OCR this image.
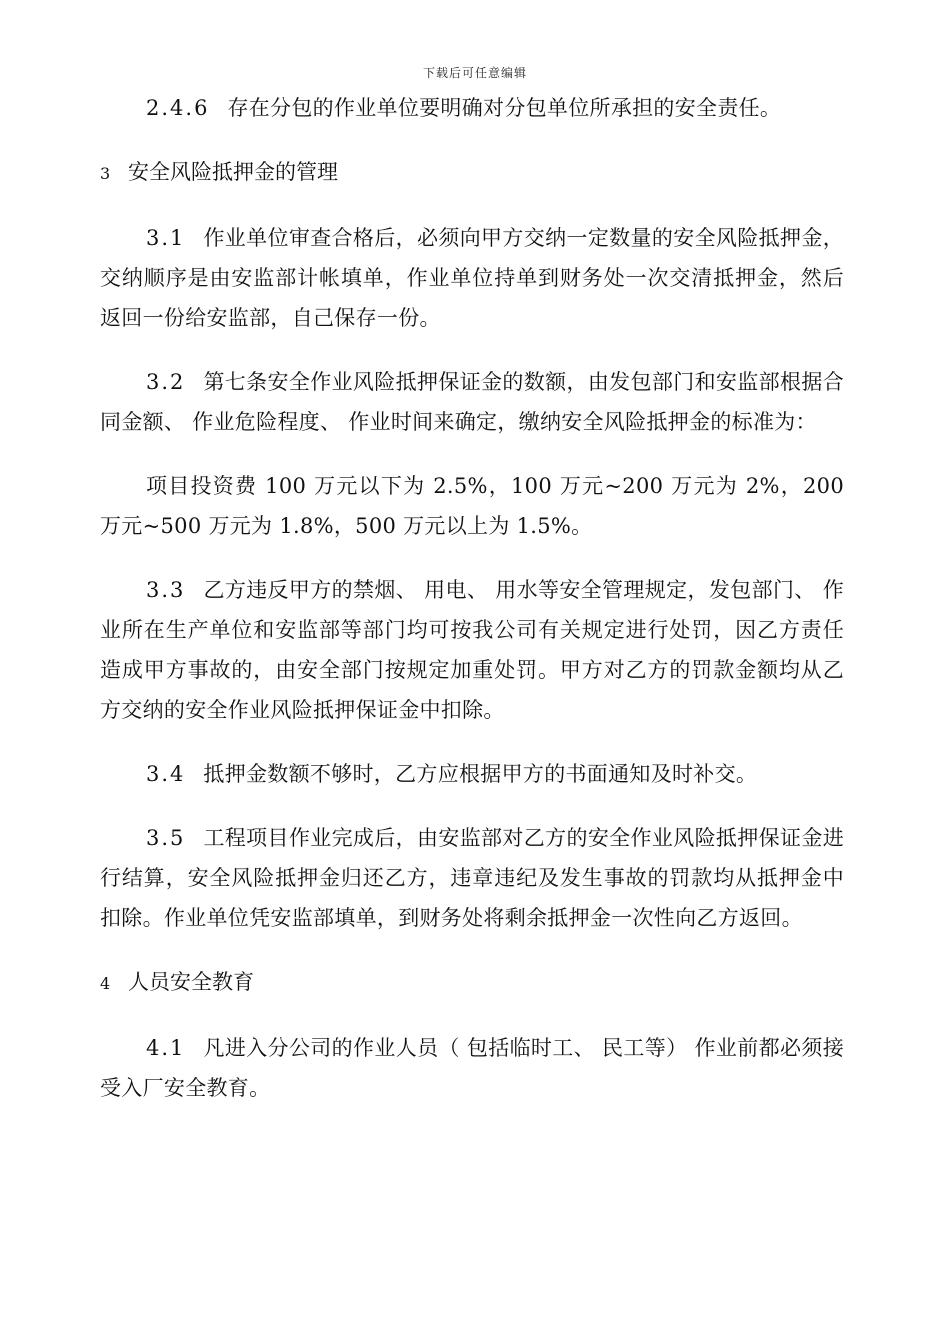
下载后可任意编辑

2.4.6 存在分包的作业单位要明确对分包单位所承担的安全责任。

3 安全风险抵押金的管理

3.1 作业单位审查合格后，必须向甲方交纳一定数量的安全风险抵押金，交纳顺序是由安监部计帐填单，作业单位持单到财务处一次交清抵押金，然后返回一份给安监部，自己保存一份。

3.2 第七条安全作业风险抵押保证金的数额，由发包部门和安监部根据合同金额、 作业危险程度、 作业时间来确定，缴纳安全风险抵押金的标准为：

项目投资费 100 万元以下为 2.5%，100 万元~200 万元为 2%，200 万元~500 万元为 1.8%，500 万元以上为 1.5%。

3.3 乙方违反甲方的禁烟、 用电、 用水等安全管理规定，发包部门、 作业所在生产单位和安监部等部门均可按我公司有关规定进行处罚，因乙方责任造成甲方事故的，由安全部门按规定加重处罚。甲方对乙方的罚款金额均从乙方交纳的安全作业风险抵押保证金中扣除。

3.4 抵押金数额不够时，乙方应根据甲方的书面通知及时补交。

3.5 工程项目作业完成后，由安监部对乙方的安全作业风险抵押保证金进行结算，安全风险抵押金归还乙方，违章违纪及发生事故的罚款均从抵押金中扣除。作业单位凭安监部填单，到财务处将剩余抵押金一次性向乙方返回。

4 人员安全教育

4.1 凡进入分公司的作业人员（ 包括临时工、 民工等） 作业前都必须接受入厂安全教育。
